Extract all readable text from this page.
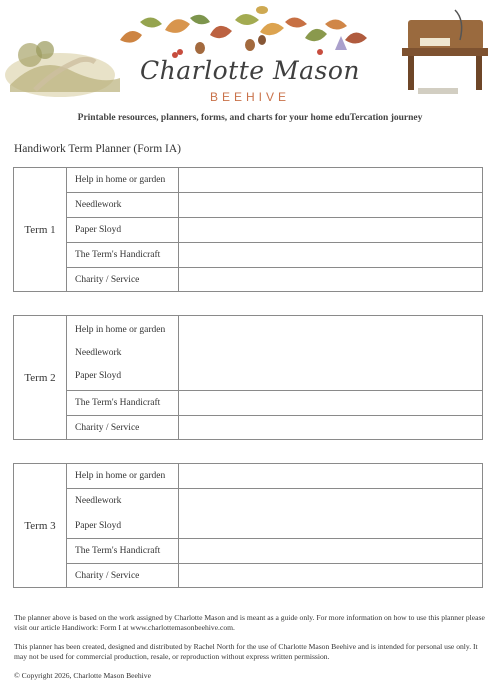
Charlotte Mason
BEEHIVE
Printable resources, planners, forms, and charts for your home eduTercation journey
Handiwork Term Planner (Form IA)
Term 1
Help in home or garden
Needlework
Paper Sloyd
The Term's Handicraft
Charity / Service
Term 2
Help in home or garden
Needlework
Paper Sloyd
The Term's Handicraft
Charity / Service
Term 3
Help in home or garden
Needlework
Paper Sloyd
The Term's Handicraft
Charity / Service
The planner above is based on the work assigned by Charlotte Mason and is meant as a guide only. For more information on how to use this planner please visit our article Handiwork: Form I at www.charlottemasonbeehive.com.
This planner has been created, designed and distributed by Rachel North for the use of Charlotte Mason Beehive and is intended for personal use only. It may not be used for commercial production, resale, or reproduction without express written permission.
© Copyright 2026, Charlotte Mason Beehive
